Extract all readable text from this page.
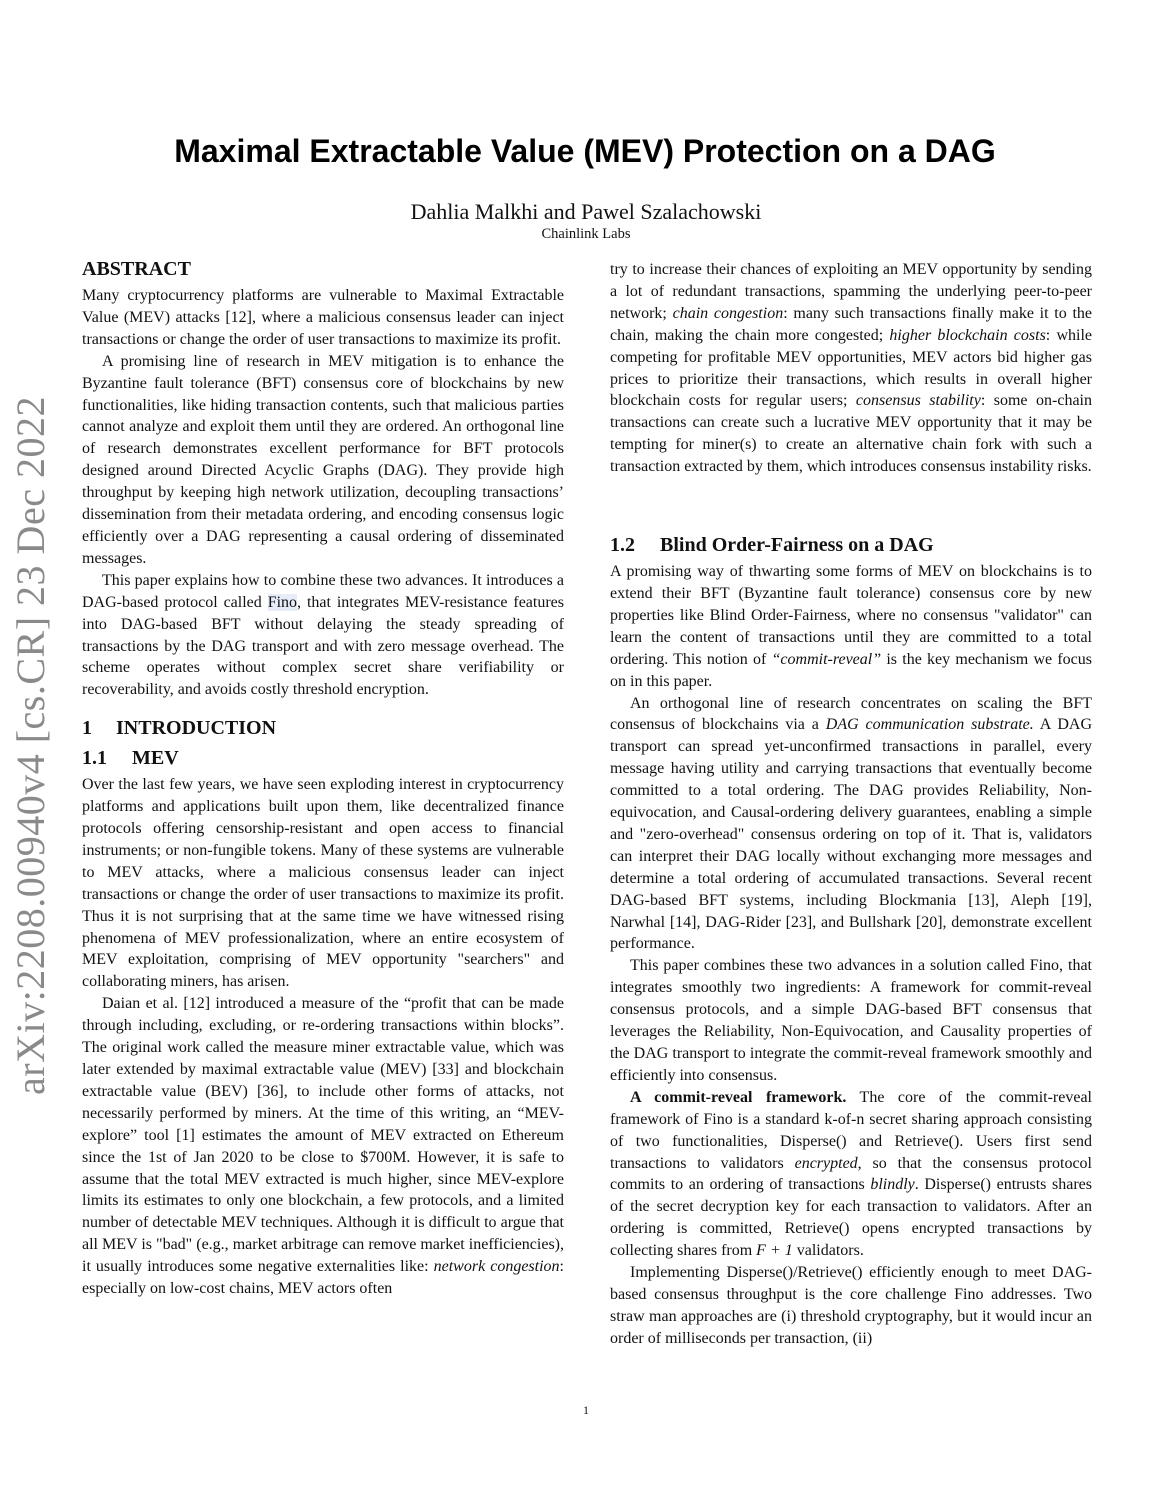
arXiv:2208.00940v4 [cs.CR] 23 Dec 2022
Maximal Extractable Value (MEV) Protection on a DAG
Dahlia Malkhi and Pawel Szalachowski
Chainlink Labs
ABSTRACT

Many cryptocurrency platforms are vulnerable to Maximal Extractable Value (MEV) attacks [12], where a malicious consensus leader can inject transactions or change the order of user transactions to maximize its profit.

A promising line of research in MEV mitigation is to enhance the Byzantine fault tolerance (BFT) consensus core of blockchains by new functionalities, like hiding transaction contents, such that malicious parties cannot analyze and exploit them until they are ordered. An orthogonal line of research demonstrates excellent performance for BFT protocols designed around Directed Acyclic Graphs (DAG). They provide high throughput by keeping high network utilization, decoupling transactions’ dissemination from their metadata ordering, and encoding consensus logic efficiently over a DAG representing a causal ordering of disseminated messages.

This paper explains how to combine these two advances. It introduces a DAG-based protocol called Fino, that integrates MEV-resistance features into DAG-based BFT without delaying the steady spreading of transactions by the DAG transport and with zero message overhead. The scheme operates without complex secret share verifiability or recoverability, and avoids costly threshold encryption.

1 INTRODUCTION
1.1 MEV

Over the last few years, we have seen exploding interest in cryptocurrency platforms and applications built upon them, like decentralized finance protocols offering censorship-resistant and open access to financial instruments; or non-fungible tokens. Many of these systems are vulnerable to MEV attacks, where a malicious consensus leader can inject transactions or change the order of user transactions to maximize its profit. Thus it is not surprising that at the same time we have witnessed rising phenomena of MEV professionalization, where an entire ecosystem of MEV exploitation, comprising of MEV opportunity "searchers" and collaborating miners, has arisen.

Daian et al. [12] introduced a measure of the “profit that can be made through including, excluding, or re-ordering transactions within blocks”. The original work called the measure miner extractable value, which was later extended by maximal extractable value (MEV) [33] and blockchain extractable value (BEV) [36], to include other forms of attacks, not necessarily performed by miners. At the time of this writing, an “MEV-explore” tool [1] estimates the amount of MEV extracted on Ethereum since the 1st of Jan 2020 to be close to $700M. However, it is safe to assume that the total MEV extracted is much higher, since MEV-explore limits its estimates to only one blockchain, a few protocols, and a limited number of detectable MEV techniques. Although it is difficult to argue that all MEV is "bad" (e.g., market arbitrage can remove market inefficiencies), it usually introduces some negative externalities like: network congestion: especially on low-cost chains, MEV actors often

try to increase their chances of exploiting an MEV opportunity by sending a lot of redundant transactions, spamming the underlying peer-to-peer network; chain congestion: many such transactions finally make it to the chain, making the chain more congested; higher blockchain costs: while competing for profitable MEV opportunities, MEV actors bid higher gas prices to prioritize their transactions, which results in overall higher blockchain costs for regular users; consensus stability: some on-chain transactions can create such a lucrative MEV opportunity that it may be tempting for miner(s) to create an alternative chain fork with such a transaction extracted by them, which introduces consensus instability risks.

1.2 Blind Order-Fairness on a DAG

A promising way of thwarting some forms of MEV on blockchains is to extend their BFT (Byzantine fault tolerance) consensus core by new properties like Blind Order-Fairness, where no consensus "validator" can learn the content of transactions until they are committed to a total ordering. This notion of “commit-reveal” is the key mechanism we focus on in this paper.

An orthogonal line of research concentrates on scaling the BFT consensus of blockchains via a DAG communication substrate. A DAG transport can spread yet-unconfirmed transactions in parallel, every message having utility and carrying transactions that eventually become committed to a total ordering. The DAG provides Reliability, Non-equivocation, and Causal-ordering delivery guarantees, enabling a simple and "zero-overhead" consensus ordering on top of it. That is, validators can interpret their DAG locally without exchanging more messages and determine a total ordering of accumulated transactions. Several recent DAG-based BFT systems, including Blockmania [13], Aleph [19], Narwhal [14], DAG-Rider [23], and Bullshark [20], demonstrate excellent performance.

This paper combines these two advances in a solution called Fino, that integrates smoothly two ingredients: A framework for commit-reveal consensus protocols, and a simple DAG-based BFT consensus that leverages the Reliability, Non-Equivocation, and Causality properties of the DAG transport to integrate the commit-reveal framework smoothly and efficiently into consensus.

A commit-reveal framework. The core of the commit-reveal framework of Fino is a standard k-of-n secret sharing approach consisting of two functionalities, Disperse() and Retrieve(). Users first send transactions to validators encrypted, so that the consensus protocol commits to an ordering of transactions blindly. Disperse() entrusts shares of the secret decryption key for each transaction to validators. After an ordering is committed, Retrieve() opens encrypted transactions by collecting shares from F + 1 validators.

Implementing Disperse()/Retrieve() efficiently enough to meet DAG-based consensus throughput is the core challenge Fino addresses. Two straw man approaches are (i) threshold cryptography, but it would incur an order of milliseconds per transaction, (ii)

1
